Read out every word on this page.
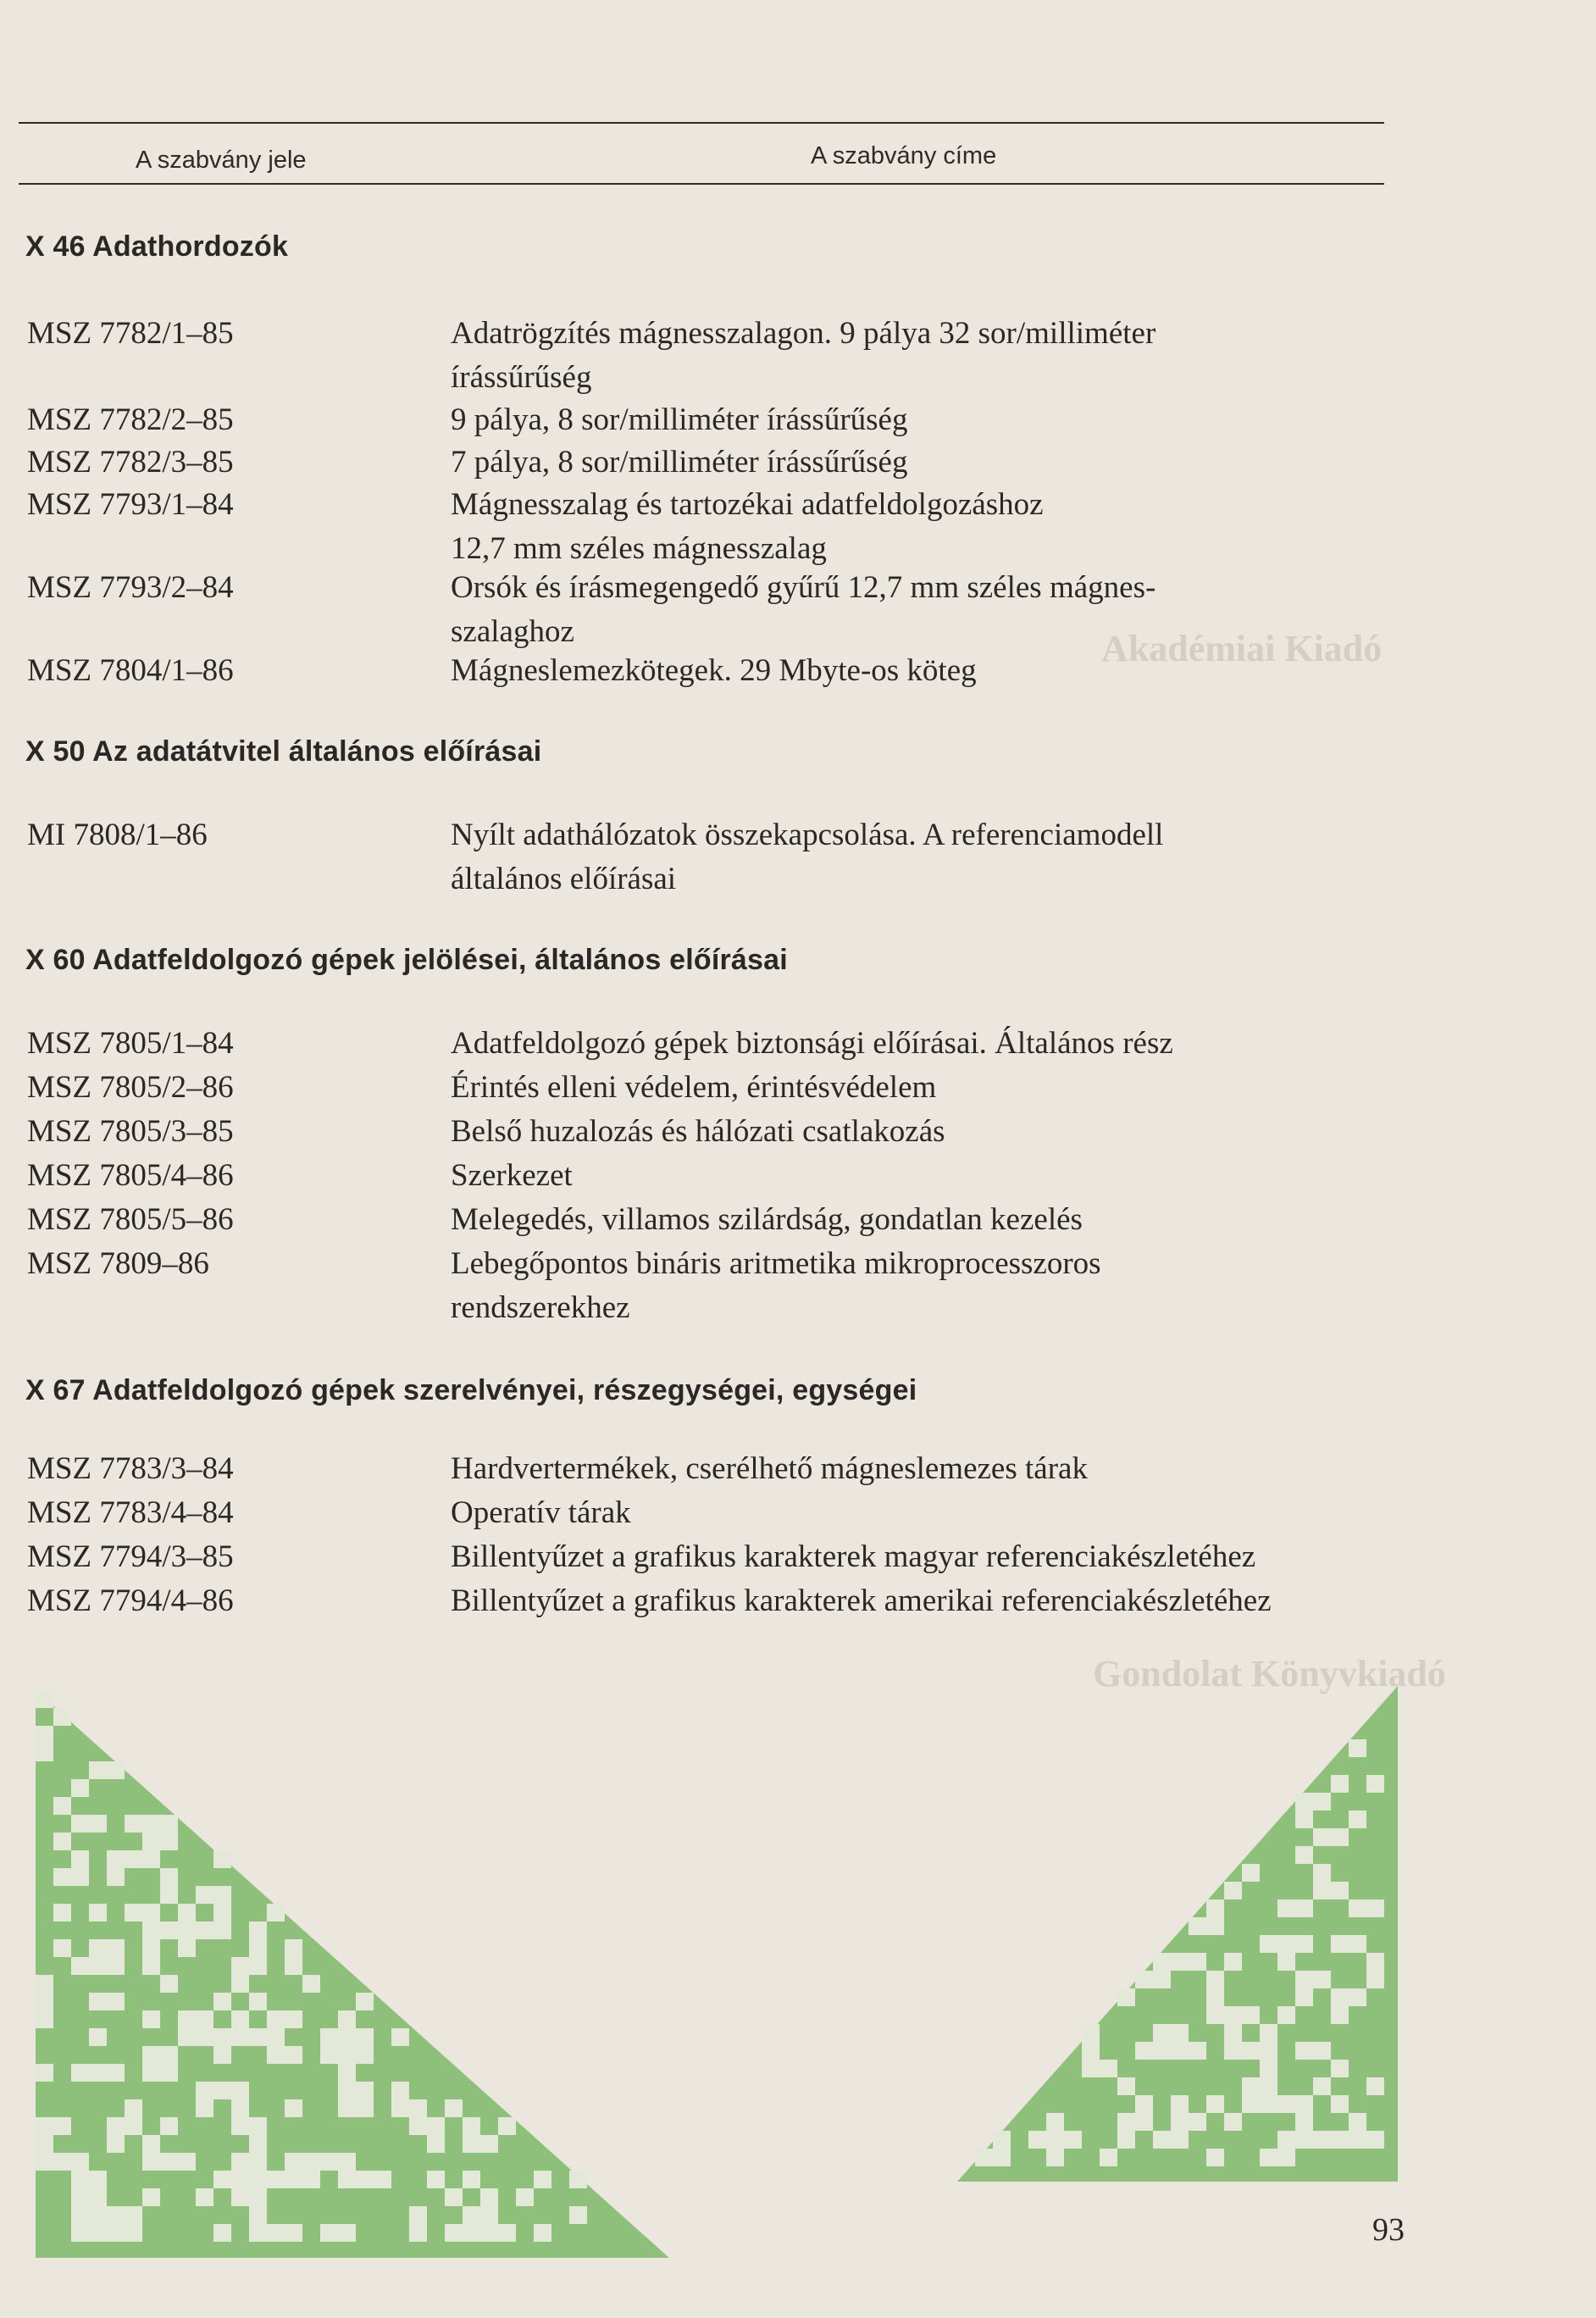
Akadémiai Kiadó
Gondolat Könyvkiadó
A szabvány jele	A szabvány címe
X 46 Adathordozók
MSZ 7782/1–85	Adatrögzítés mágnesszalagon. 9 pálya 32 sor/milliméter
írássűrűség
MSZ 7782/2–85	9 pálya, 8 sor/milliméter írássűrűség
MSZ 7782/3–85	7 pálya, 8 sor/milliméter írássűrűség
MSZ 7793/1–84	Mágnesszalag és tartozékai adatfeldolgozáshoz
12,7 mm széles mágnesszalag
MSZ 7793/2–84	Orsók és írásmegengedő gyűrű 12,7 mm széles mágnes-
szalaghoz
MSZ 7804/1–86	Mágneslemezkötegek. 29 Mbyte-os köteg
X 50 Az adatátvitel általános előírásai
MI 7808/1–86	Nyílt adathálózatok összekapcsolása. A referenciamodell
általános előírásai
X 60 Adatfeldolgozó gépek jelölései, általános előírásai
MSZ 7805/1–84	Adatfeldolgozó gépek biztonsági előírásai. Általános rész
MSZ 7805/2–86	Érintés elleni védelem, érintésvédelem
MSZ 7805/3–85	Belső huzalozás és hálózati csatlakozás
MSZ 7805/4–86	Szerkezet
MSZ 7805/5–86	Melegedés, villamos szilárdság, gondatlan kezelés
MSZ 7809–86	Lebegőpontos bináris aritmetika mikroprocesszoros
rendszerekhez
X 67 Adatfeldolgozó gépek szerelvényei, részegységei, egységei
MSZ 7783/3–84	Hardvertermékek, cserélhető mágneslemezes tárak
MSZ 7783/4–84	Operatív tárak
MSZ 7794/3–85	Billentyűzet a grafikus karakterek magyar referenciakészletéhez
MSZ 7794/4–86	Billentyűzet a grafikus karakterek amerikai referenciakészletéhez
93
